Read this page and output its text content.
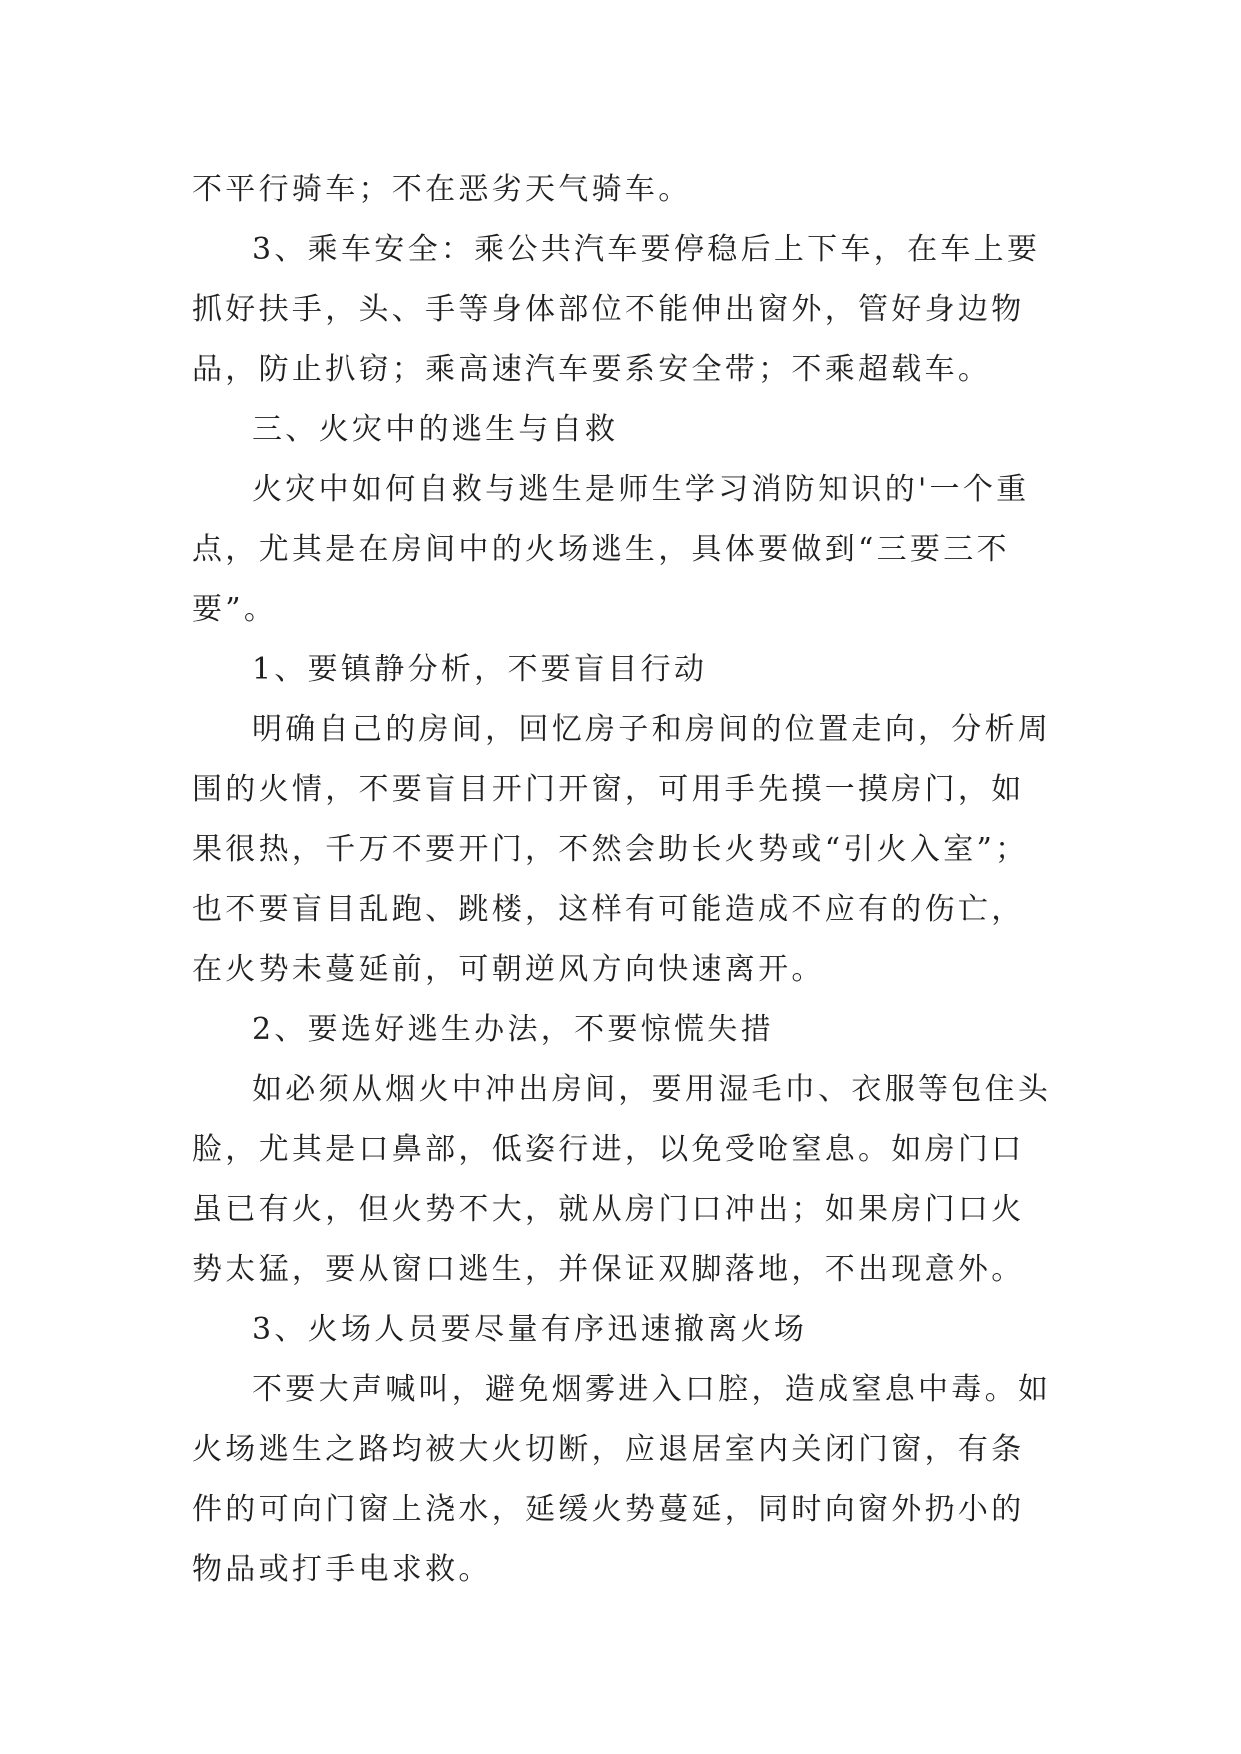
不平行骑车；不在恶劣天气骑车。

3、乘车安全：乘公共汽车要停稳后上下车，在车上要抓好扶手，头、手等身体部位不能伸出窗外，管好身边物品，防止扒窃；乘高速汽车要系安全带；不乘超载车。

三、火灾中的逃生与自救

火灾中如何自救与逃生是师生学习消防知识的'一个重点，尤其是在房间中的火场逃生，具体要做到“三要三不要”。

1、要镇静分析，不要盲目行动

明确自己的房间，回忆房子和房间的位置走向，分析周围的火情，不要盲目开门开窗，可用手先摸一摸房门，如果很热，千万不要开门，不然会助长火势或“引火入室”；也不要盲目乱跑、跳楼，这样有可能造成不应有的伤亡，在火势未蔓延前，可朝逆风方向快速离开。

2、要选好逃生办法，不要惊慌失措

如必须从烟火中冲出房间，要用湿毛巾、衣服等包住头脸，尤其是口鼻部，低姿行进，以免受呛窒息。如房门口虽已有火，但火势不大，就从房门口冲出；如果房门口火势太猛，要从窗口逃生，并保证双脚落地，不出现意外。

3、火场人员要尽量有序迅速撤离火场

不要大声喊叫，避免烟雾进入口腔，造成窒息中毒。如火场逃生之路均被大火切断，应退居室内关闭门窗，有条件的可向门窗上浇水，延缓火势蔓延，同时向窗外扔小的物品或打手电求救。
